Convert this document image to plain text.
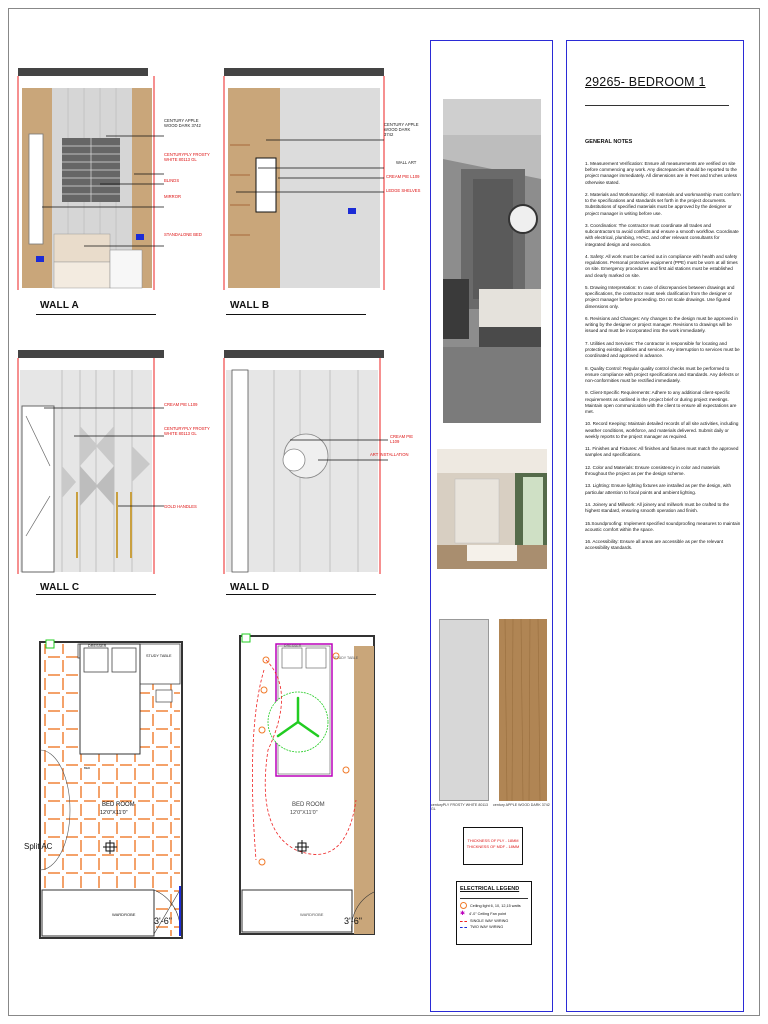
CENTURY APPLE WOOD DARK 3742
CENTURYPLY FROSTY WHITE 80113 GL
BLINDS
MIRROR
STANDALONE BED
WALL A
CENTURY APPLE WOOD DARK 3742
WALL ART
CREAM PIE L109
LEDGE SHELVES
WALL B
CREAM PIE L109
CENTURYPLY FROSTY WHITE 80113 GL
GOLD HANDLES
WALL C
CREAM PIE L109
ART INSTALLATION
WALL D
DRESSER
STUDY TABLE
BED
BED ROOM
12'0"X11'0"
Split AC
WARDROBE
3'-6"
DRESSER
STUDY TABLE
BED ROOM
12'0"X11'0"
WARDROBE
3'-6"
centuryPLY FROSTY WHITE 80113 GL
century APPLE WOOD DARK 3742
THICKNESS OF PLY - 18MM
THICKNESS OF MDF - 18MM
ELECTRICAL LEGEND
Ceiling light 6, 10, 12,15 watts
✱ 4'-0" Ceiling Fan point
SINGLE WAY WIRING
TWO WAY WIRING
29265- BEDROOM 1
GENERAL NOTES

1. Measurement Verification: Ensure all measurements are verified on site before commencing any work. Any discrepancies should be reported to the project manager immediately. All dimensions are in Feet and Inches unless otherwise stated.

2. Materials and Workmanship: All materials and workmanship must conform to the specifications and standards set forth in the project documents. Substitutions of specified materials must be approved by the designer or project manager in writing before use.

3. Coordination: The contractor must coordinate all trades and subcontractors to avoid conflicts and ensure a smooth workflow. Coordinate with electrical, plumbing, HVAC, and other relevant consultants for integrated design and execution.

4. Safety: All work must be carried out in compliance with health and safety regulations. Personal protective equipment (PPE) must be worn at all times on site. Emergency procedures and first aid stations must be established and clearly marked on site.

5. Drawing Interpretation: In case of discrepancies between drawings and specifications, the contractor must seek clarification from the designer or project manager before proceeding. Do not scale drawings. Use figured dimensions only.

6. Revisions and Changes: Any changes to the design must be approved in writing by the designer or project manager. Revisions to drawings will be issued and must be incorporated into the work immediately.

7. Utilities and Services: The contractor is responsible for locating and protecting existing utilities and services. Any interruption to services must be coordinated and approved in advance.

8. Quality Control: Regular quality control checks must be performed to ensure compliance with project specifications and standards. Any defects or non-conformities must be rectified immediately.

9. Client-Specific Requirements: Adhere to any additional client-specific requirements as outlined in the project brief or during project meetings. Maintain open communication with the client to ensure all expectations are met.

10. Record Keeping: Maintain detailed records of all site activities, including weather conditions, workforce, and materials delivered. Submit daily or weekly reports to the project manager as required.

11. Finishes and Fixtures: All finishes and fixtures must match the approved samples and specifications.

12. Color and Materials: Ensure consistency in color and materials throughout the project as per the design scheme.

13. Lighting: Ensure lighting fixtures are installed as per the design, with particular attention to focal points and ambient lighting.

14. Joinery and Millwork: All joinery and millwork must be crafted to the highest standard, ensuring smooth operation and finish.

15.Soundproofing: Implement specified soundproofing measures to maintain acoustic comfort within the space.

16. Accessibility: Ensure all areas are accessible as per the relevant accessibility standards.
